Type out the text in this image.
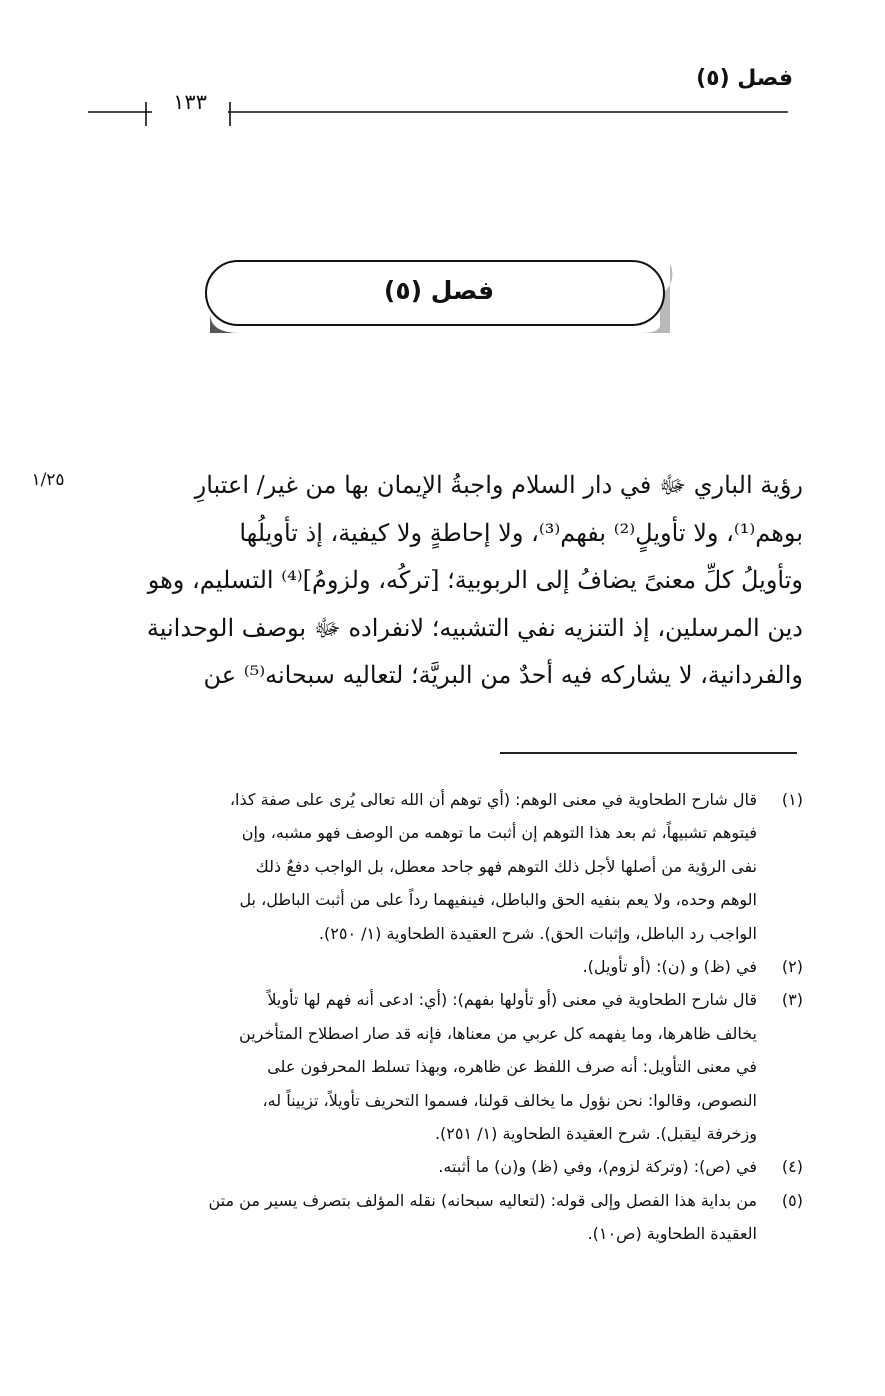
فصل (٥)
١٣٣
فصل (٥)
١/٢٥	رؤية الباري ﷻ في دار السلام واجبةُ الإيمان بها من غير/ اعتبارِ
بوهم⁽¹⁾، ولا تأويلٍ⁽²⁾ بفهم⁽³⁾، ولا إحاطةٍ ولا كيفية، إذ تأويلُها
وتأويلُ كلِّ معنىً يضافُ إلى الربوبية؛ [تركُه، ولزومُ]⁽⁴⁾ التسليم، وهو
دين المرسلين، إذ التنزيه نفي التشبيه؛ لانفراده ﷻ بوصف الوحدانية
والفردانية، لا يشاركه فيه أحدٌ من البريَّة؛ لتعاليه سبحانه⁽⁵⁾ عن
(١)قال شارح الطحاوية في معنى الوهم: (أي توهم أن الله تعالى يُرى على صفة كذا،
فيتوهم تشبيهاً، ثم بعد هذا التوهم إن أثبت ما توهمه من الوصف فهو مشبه، وإن
نفى الرؤية من أصلها لأجل ذلك التوهم فهو جاحد معطل، بل الواجب دفعُ ذلك
الوهم وحده، ولا يعم بنفيه الحق والباطل، فينفيهما رداً على من أثبت الباطل، بل
الواجب رد الباطل، وإثبات الحق). شرح العقيدة الطحاوية (١/ ٢٥٠).
(٢)في (ظ) و (ن): (أو تأويل).
(٣)قال شارح الطحاوية في معنى (أو تأولها بفهم): (أي: ادعى أنه فهم لها تأويلاً
يخالف ظاهرها، وما يفهمه كل عربي من معناها، فإنه قد صار اصطلاح المتأخرين
في معنى التأويل: أنه صرف اللفظ عن ظاهره، وبهذا تسلط المحرفون على
النصوص، وقالوا: نحن نؤول ما يخالف قولنا، فسموا التحريف تأويلاً، تزييناً له،
وزخرفة ليقبل). شرح العقيدة الطحاوية (١/ ٢٥١).
(٤)في (ص): (وتركة لزوم)، وفي (ظ) و(ن) ما أثبته.
(٥)من بداية هذا الفصل وإلى قوله: (لتعاليه سبحانه) نقله المؤلف بتصرف يسير من متن
العقيدة الطحاوية (ص١٠).
